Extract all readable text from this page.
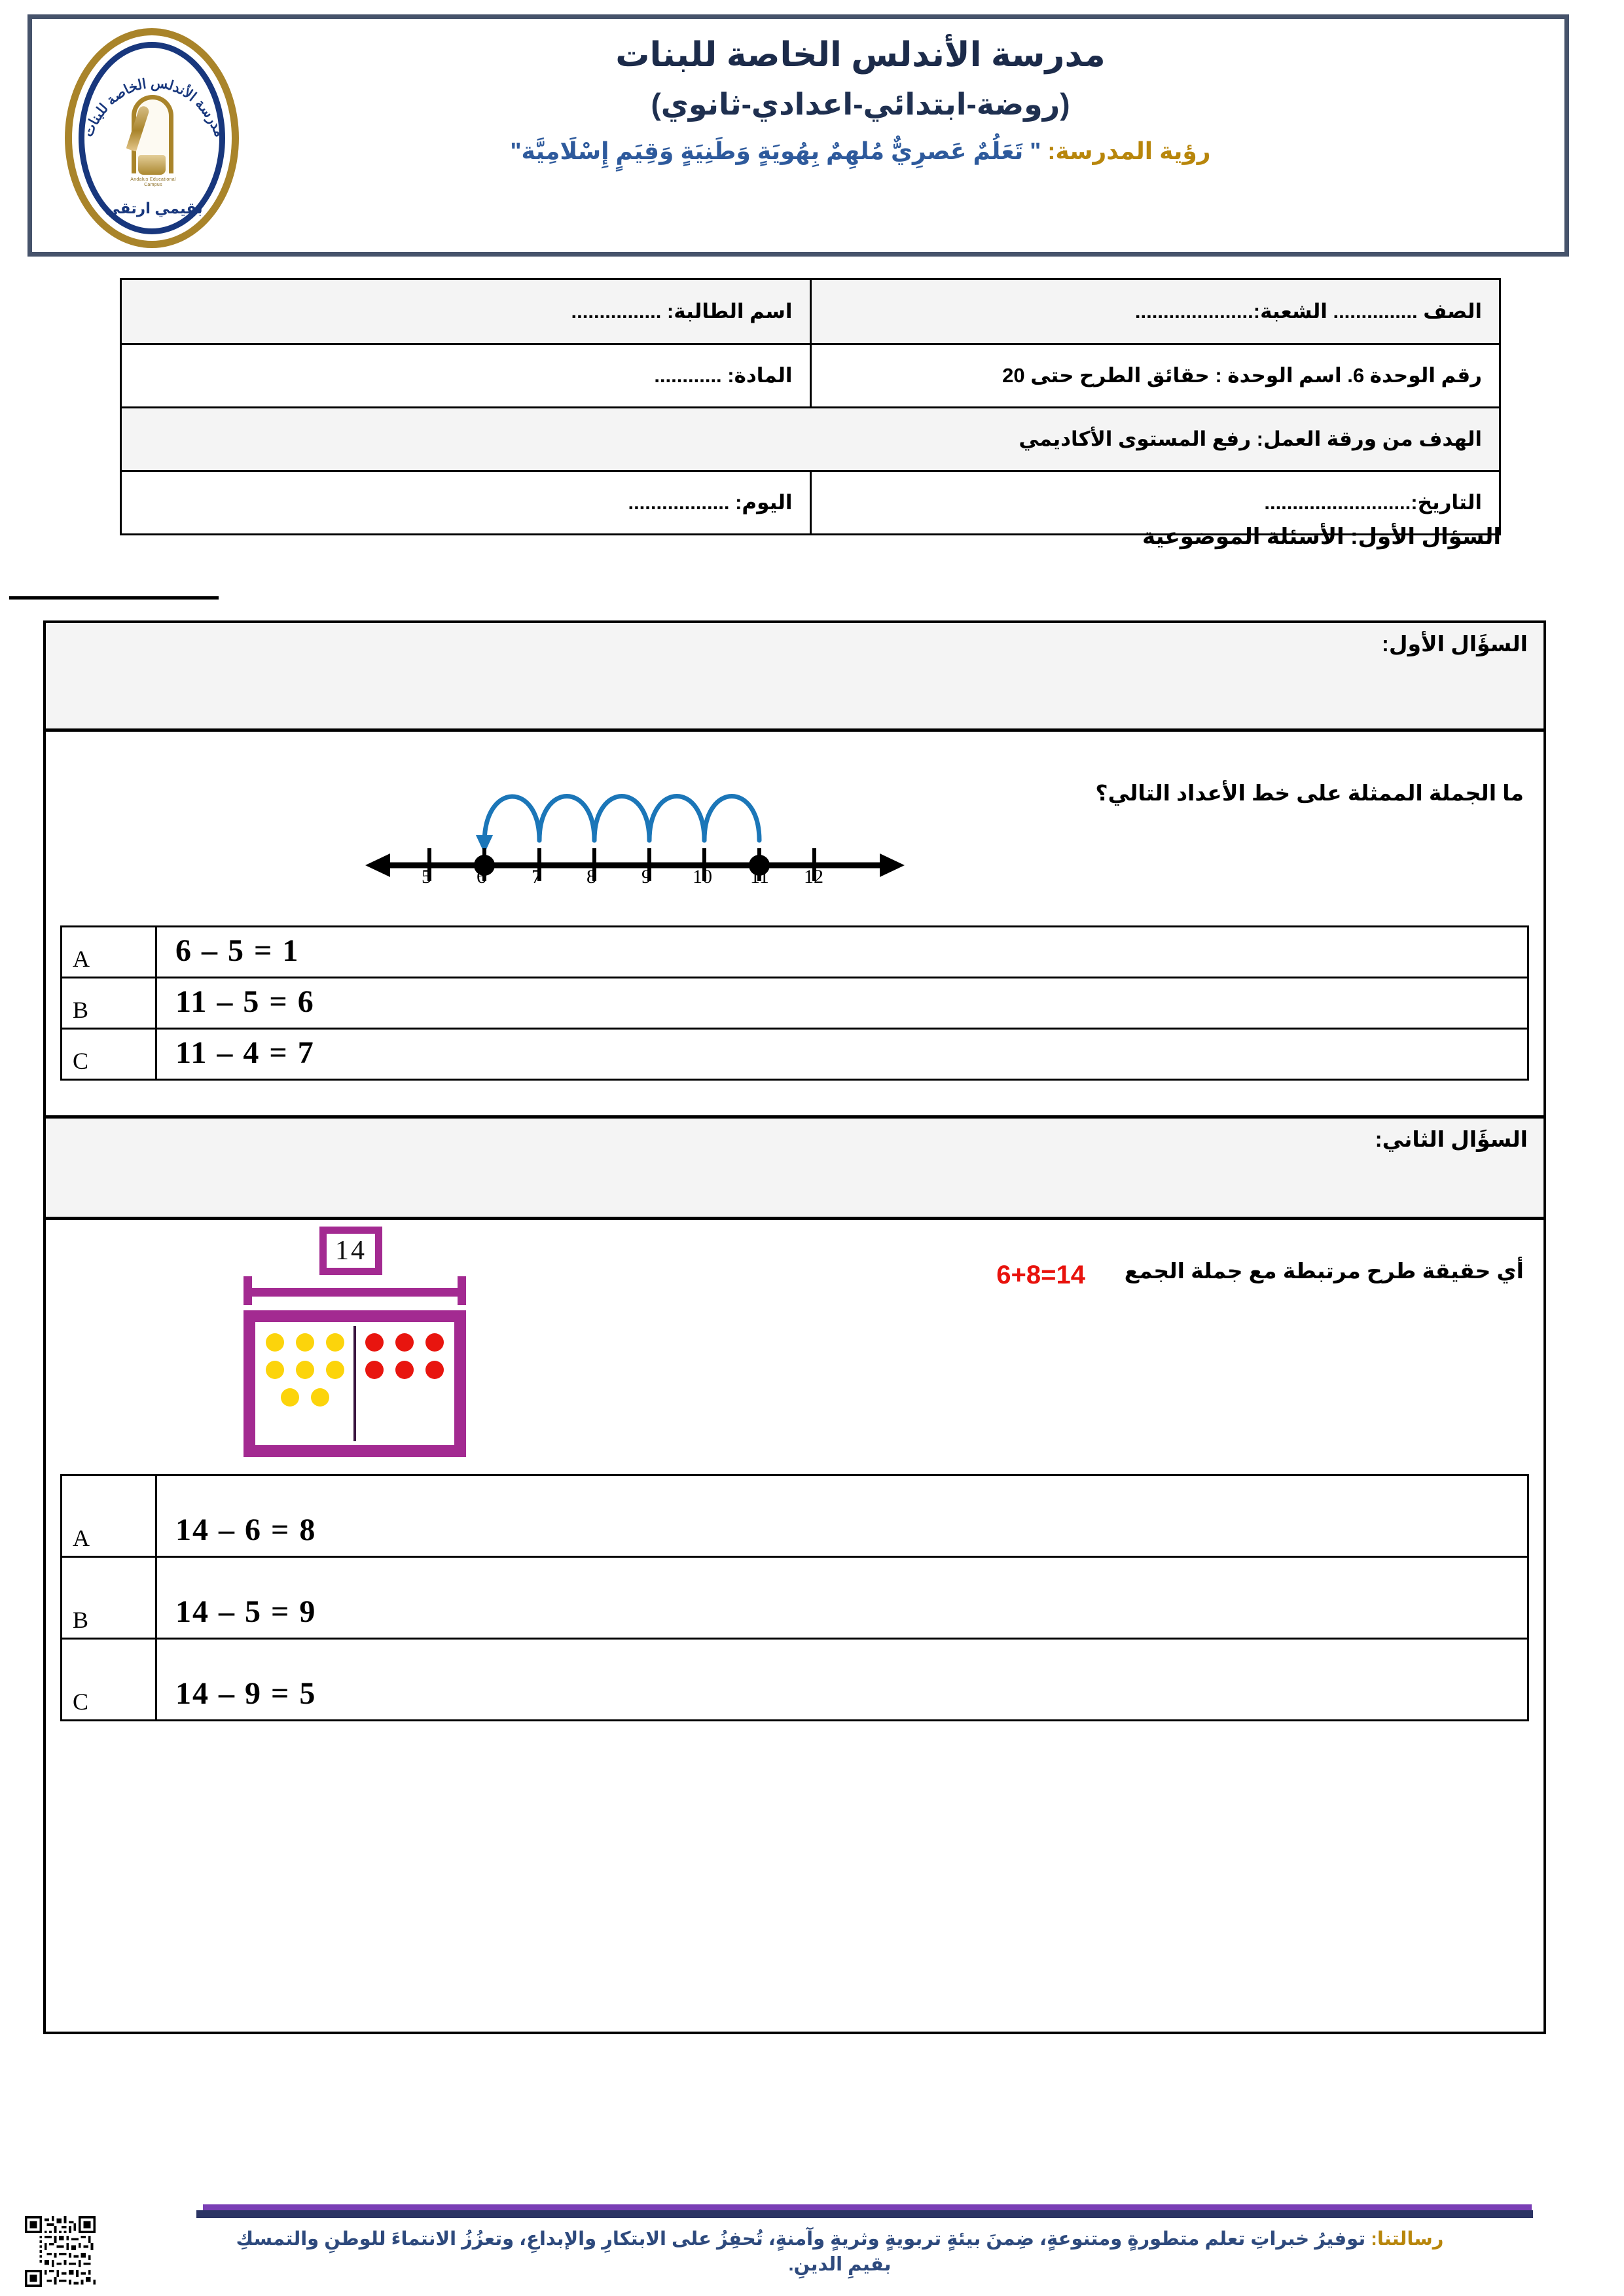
مدرسة الأندلس الخاصة للبنات
(روضة-ابتدائي-اعدادي-ثانوي)
رؤية المدرسة: " تَعَلُمٌ عَصرِيٌّ مُلهِمٌ بِهُويَةٍ وَطَنِيَةٍ وَقِيَمٍ إِسْلَامِيَّة"
مدرسة الأندلس الخاصة للبنات
Andalus Educational Campus
بقيمي ارتقي
الصف ............... الشعبة:.....................	اسم الطالبة: ................
رقم الوحدة 6. اسم الوحدة : حقائق الطرح حتى 20	المادة: ............
الهدف من ورقة العمل: رفع المستوى الأكاديمي	
التاريخ:..........................	اليوم: ..................
السؤال الأول: الأسئلة الموضوعية
السؤَال الأول:
ما الجملة الممثلة على خط الأعداد التالي؟
5 6 7 8 9 10 11 12
A	6 – 5 = 1
B	11 – 5 = 6
C	11 – 4 = 7
السؤَال الثاني:
أي حقيقة طرح مرتبطة مع جملة الجمع
6+8=14
14
A	14 – 6 = 8
B	14 – 5 = 9
C	14 – 9 = 5
رسالتنا: توفيرُ خبراتِ تعلم متطورةٍ ومتنوعةٍ، ضِمنَ بيئةٍ تربويةٍ وثريةٍ وآمنةٍ، تُحفِزُ على الابتكارِ والإبداعِ، وتعزُزُ الانتماءَ للوطنِ والتمسكِ بقيمِ الدينِ.
